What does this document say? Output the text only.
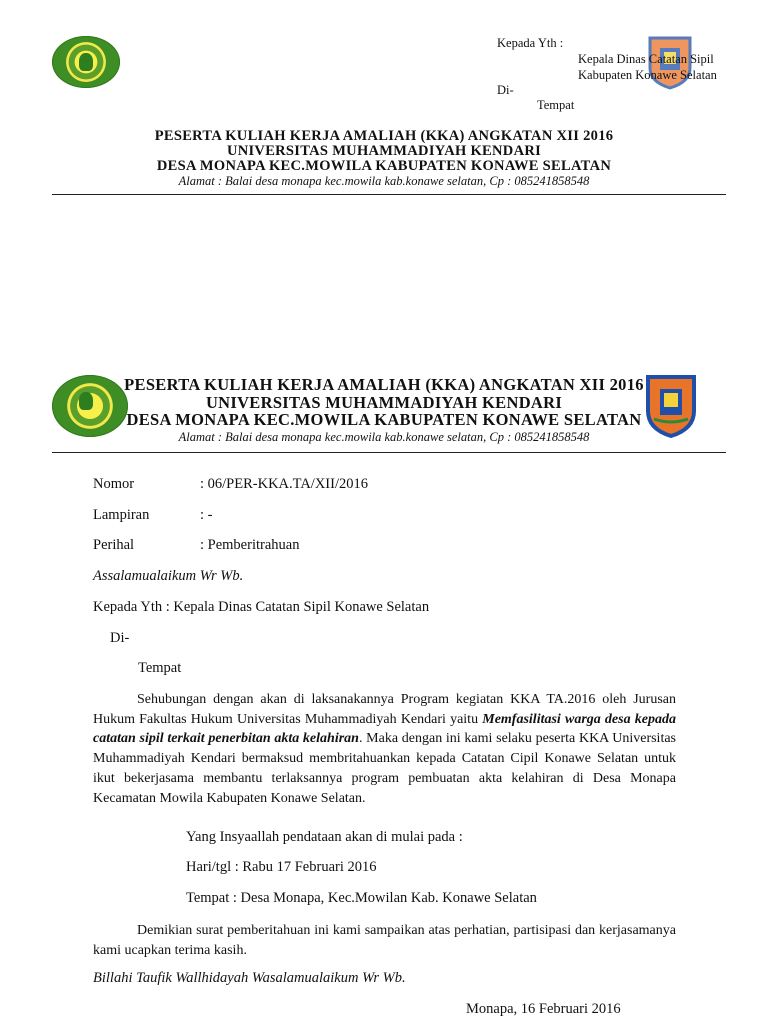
Kepada Yth :
Kepala Dinas Catatan Sipil
Kabupaten Konawe Selatan
Di-
Tempat
PESERTA KULIAH KERJA AMALIAH (KKA) ANGKATAN XII 2016
UNIVERSITAS MUHAMMADIYAH KENDARI
DESA MONAPA KEC.MOWILA KABUPATEN KONAWE SELATAN
Alamat : Balai desa monapa kec.mowila kab.konawe selatan, Cp : 085241858548
PESERTA KULIAH KERJA AMALIAH (KKA) ANGKATAN XII 2016
UNIVERSITAS MUHAMMADIYAH KENDARI
DESA MONAPA KEC.MOWILA KABUPATEN KONAWE SELATAN
Alamat : Balai desa monapa kec.mowila kab.konawe selatan, Cp : 085241858548
Nomor	: 06/PER-KKA.TA/XII/2016
Lampiran	: -
Perihal	: Pemberitrahuan
Assalamualaikum Wr Wb.
Kepada Yth : Kepala Dinas Catatan Sipil Konawe Selatan
Di-
Tempat
Sehubungan dengan akan di laksanakannya Program kegiatan KKA TA.2016 oleh Jurusan Hukum Fakultas Hukum Universitas Muhammadiyah Kendari yaitu Memfasilitasi warga desa kepada catatan sipil terkait penerbitan akta kelahiran. Maka dengan ini kami selaku peserta KKA Universitas Muhammadiyah Kendari bermaksud membritahuankan kepada Catatan Cipil Konawe Selatan untuk ikut bekerjasama membantu terlaksannya program pembuatan akta kelahiran di Desa Monapa Kecamatan Mowila Kabupaten Konawe Selatan.
Yang Insyaallah pendataan akan di mulai pada :
Hari/tgl : Rabu 17 Februari 2016
Tempat : Desa Monapa, Kec.Mowilan Kab. Konawe Selatan
Demikian surat pemberitahuan ini kami sampaikan atas perhatian, partisipasi dan kerjasamanya kami ucapkan terima kasih.
Billahi Taufik Wallhidayah Wasalamualaikum Wr Wb.
Monapa, 16 Februari 2016
